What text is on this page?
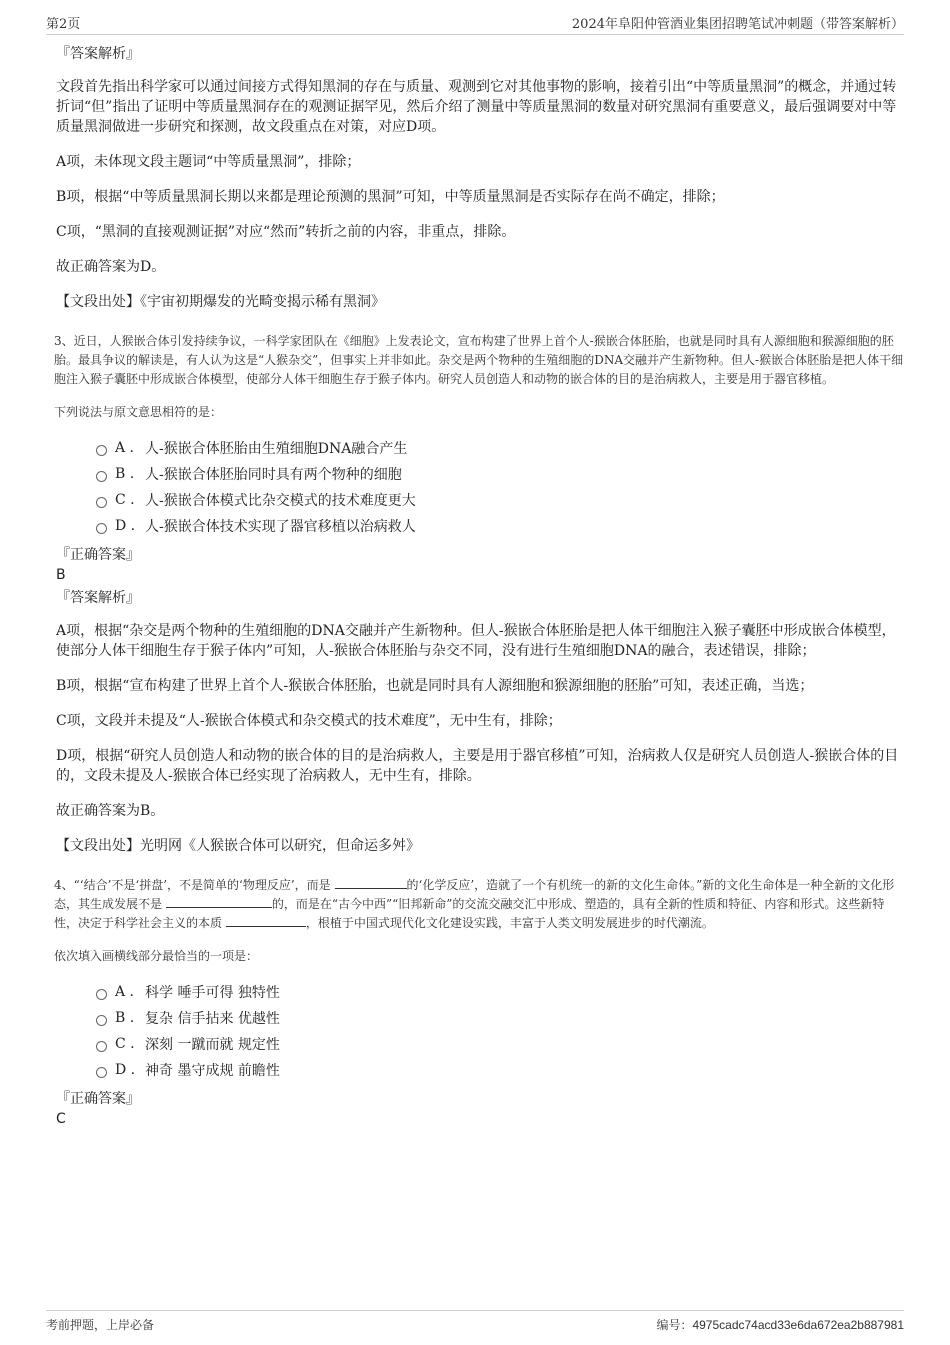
第2页	2024年阜阳仲管酒业集团招聘笔试冲刺题（带答案解析）

『答案解析』

文段首先指出科学家可以通过间接方式得知黑洞的存在与质量、观测到它对其他事物的影响，接着引出“中等质量黑洞”的概念，并通过转折词“但”指出了证明中等质量黑洞存在的观测证据罕见，然后介绍了测量中等质量黑洞的数量对研究黑洞有重要意义，最后强调要对中等质量黑洞做进一步研究和探测，故文段重点在对策，对应D项。

A项，未体现文段主题词“中等质量黑洞”，排除；

B项，根据“中等质量黑洞长期以来都是理论预测的黑洞”可知，中等质量黑洞是否实际存在尚不确定，排除；

C项，“黑洞的直接观测证据”对应“然而”转折之前的内容，非重点，排除。

故正确答案为D。

【文段出处】《宇宙初期爆发的光畸变揭示稀有黑洞》

3、近日，人猴嵌合体引发持续争议，一科学家团队在《细胞》上发表论文，宣布构建了世界上首个人-猴嵌合体胚胎，也就是同时具有人源细胞和猴源细胞的胚胎。最具争议的解读是，有人认为这是“人猴杂交”，但事实上并非如此。杂交是两个物种的生殖细胞的DNA交融并产生新物种。但人-猴嵌合体胚胎是把人体干细胞注入猴子囊胚中形成嵌合体模型，使部分人体干细胞生存于猴子体内。研究人员创造人和动物的嵌合体的目的是治病救人，主要是用于器官移植。

下列说法与原文意思相符的是：

A . 人-猴嵌合体胚胎由生殖细胞DNA融合产生
B . 人-猴嵌合体胚胎同时具有两个物种的细胞
C . 人-猴嵌合体模式比杂交模式的技术难度更大
D . 人-猴嵌合体技术实现了器官移植以治病救人

『正确答案』

B

『答案解析』

A项，根据“杂交是两个物种的生殖细胞的DNA交融并产生新物种。但人-猴嵌合体胚胎是把人体干细胞注入猴子囊胚中形成嵌合体模型，使部分人体干细胞生存于猴子体内”可知，人-猴嵌合体胚胎与杂交不同，没有进行生殖细胞DNA的融合，表述错误，排除；

B项，根据“宣布构建了世界上首个人-猴嵌合体胚胎，也就是同时具有人源细胞和猴源细胞的胚胎”可知，表述正确，当选；

C项，文段并未提及“人-猴嵌合体模式和杂交模式的技术难度”，无中生有，排除；

D项，根据“研究人员创造人和动物的嵌合体的目的是治病救人，主要是用于器官移植”可知，治病救人仅是研究人员创造人-猴嵌合体的目的，文段未提及人-猴嵌合体已经实现了治病救人，无中生有，排除。

故正确答案为B。

【文段出处】光明网《人猴嵌合体可以研究，但命运多舛》

4、“‘结合’不是‘拼盘’，不是简单的‘物理反应’，而是	的‘化学反应’，造就了一个有机统一的新的文化生命体。”新的文化生命体是一种全新的文化形态，其生成发展不是	的，而是在“古今中西”“旧邦新命”的交流交融交汇中形成、塑造的，具有全新的性质和特征、内容和形式。这些新特性，决定于科学社会主义的本质	，根植于中国式现代化文化建设实践，丰富于人类文明发展进步的时代潮流。

依次填入画横线部分最恰当的一项是：

A . 科学 唾手可得 独特性
B . 复杂 信手拈来 优越性
C . 深刻 一蹴而就 规定性
D . 神奇 墨守成规 前瞻性

『正确答案』

C

考前押题，上岸必备	编号：4975cadc74acd33e6da672ea2b887981
